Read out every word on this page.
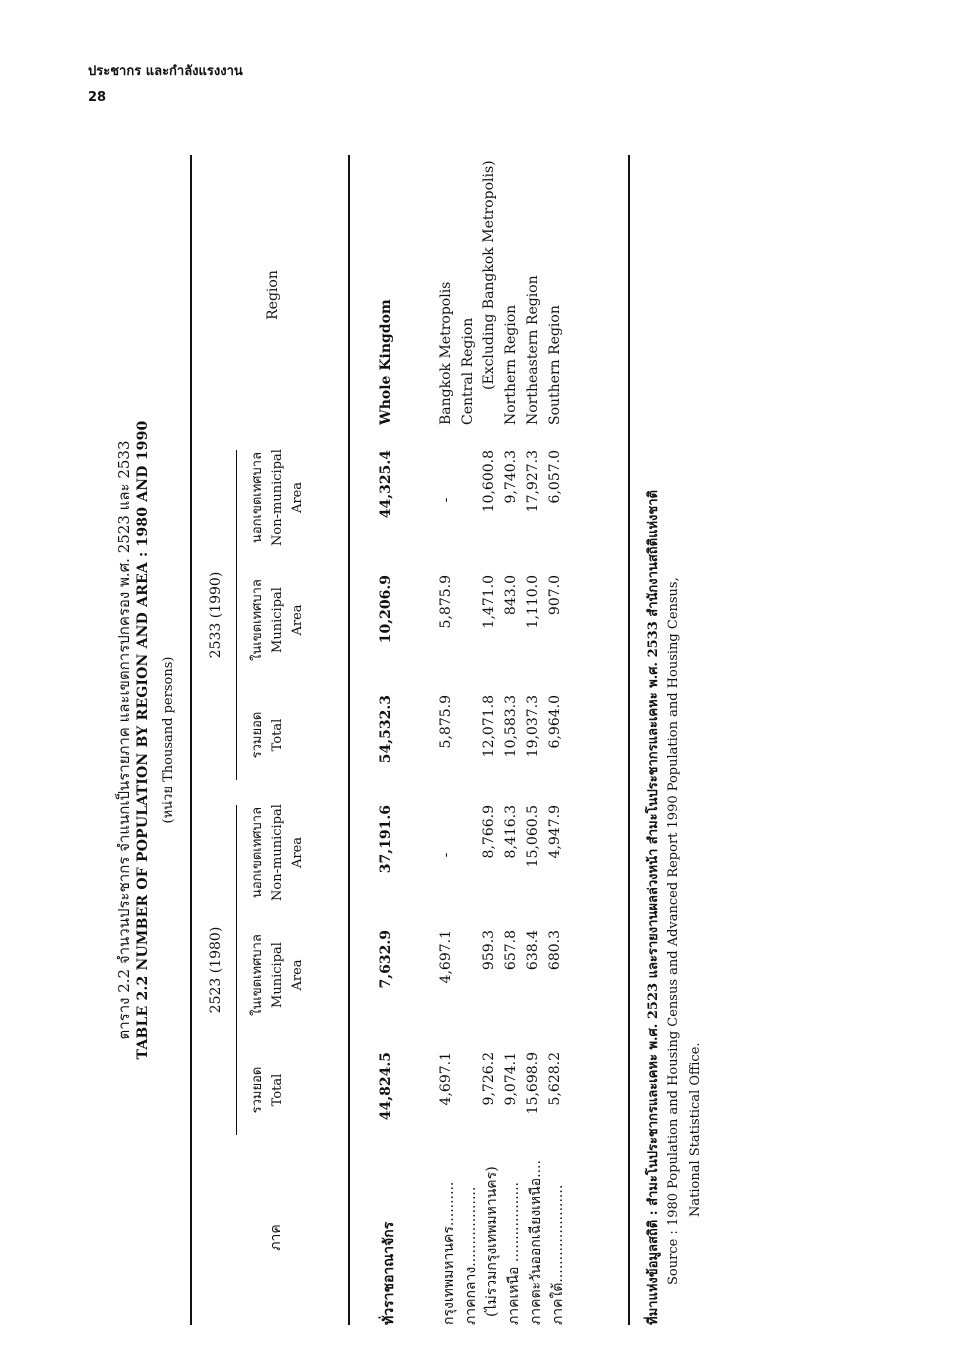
ประชากร และกำลังแรงงาน
28
ตาราง 2.2 จำนวนประชากร จำแนกเป็นรายภาค และเขตการปกครอง พ.ศ. 2523 และ 2533 TABLE 2.2 NUMBER OF POPULATION BY REGION AND AREA : 1980 AND 1990 (หน่วย Thousand persons)
ภาค
Region
2523 (1980)
2533 (1990)
รวมยอด Total
ในเขตเทศบาล Municipal Area
นอกเขตเทศบาล Non-municipal Area
รวมยอด Total
ในเขตเทศบาล Municipal Area
นอกเขตเทศบาล Non-municipal Area
ทั่วราชอาณาจักร
44,824.5
7,632.9
37,191.6
54,532.3
10,206.9
44,325.4
Whole Kingdom
กรุงเทพมหานคร..........
4,697.1
4,697.1
-
5,875.9
5,875.9
-
Bangkok Metropolis
ภาคกลาง..................
Central Region
(ไม่รวมกรุงเทพมหานคร)
9,726.2
959.3
8,766.9
12,071.8
1,471.0
10,600.8
(Excluding Bangkok Metropolis)
ภาคเหนือ ..................
9,074.1
657.8
8,416.3
10,583.3
843.0
9,740.3
Northern Region
ภาคตะวันออกเฉียงเหนือ....
15,698.9
638.4
15,060.5
19,037.3
1,110.0
17,927.3
Northeastern Region
ภาคใต้......................
5,628.2
680.3
4,947.9
6,964.0
907.0
6,057.0
Southern Region
ที่มาแห่งข้อมูลสถิติ : สำมะโนประชากรและเคหะ พ.ศ. 2523 และรายงานผลล่วงหน้า สำมะโนประชากรและเคหะ พ.ศ. 2533 สำนักงานสถิติแห่งชาติ Source : 1980 Population and Housing Census and Advanced Report 1990 Population and Housing Census, National Statistical Office.
